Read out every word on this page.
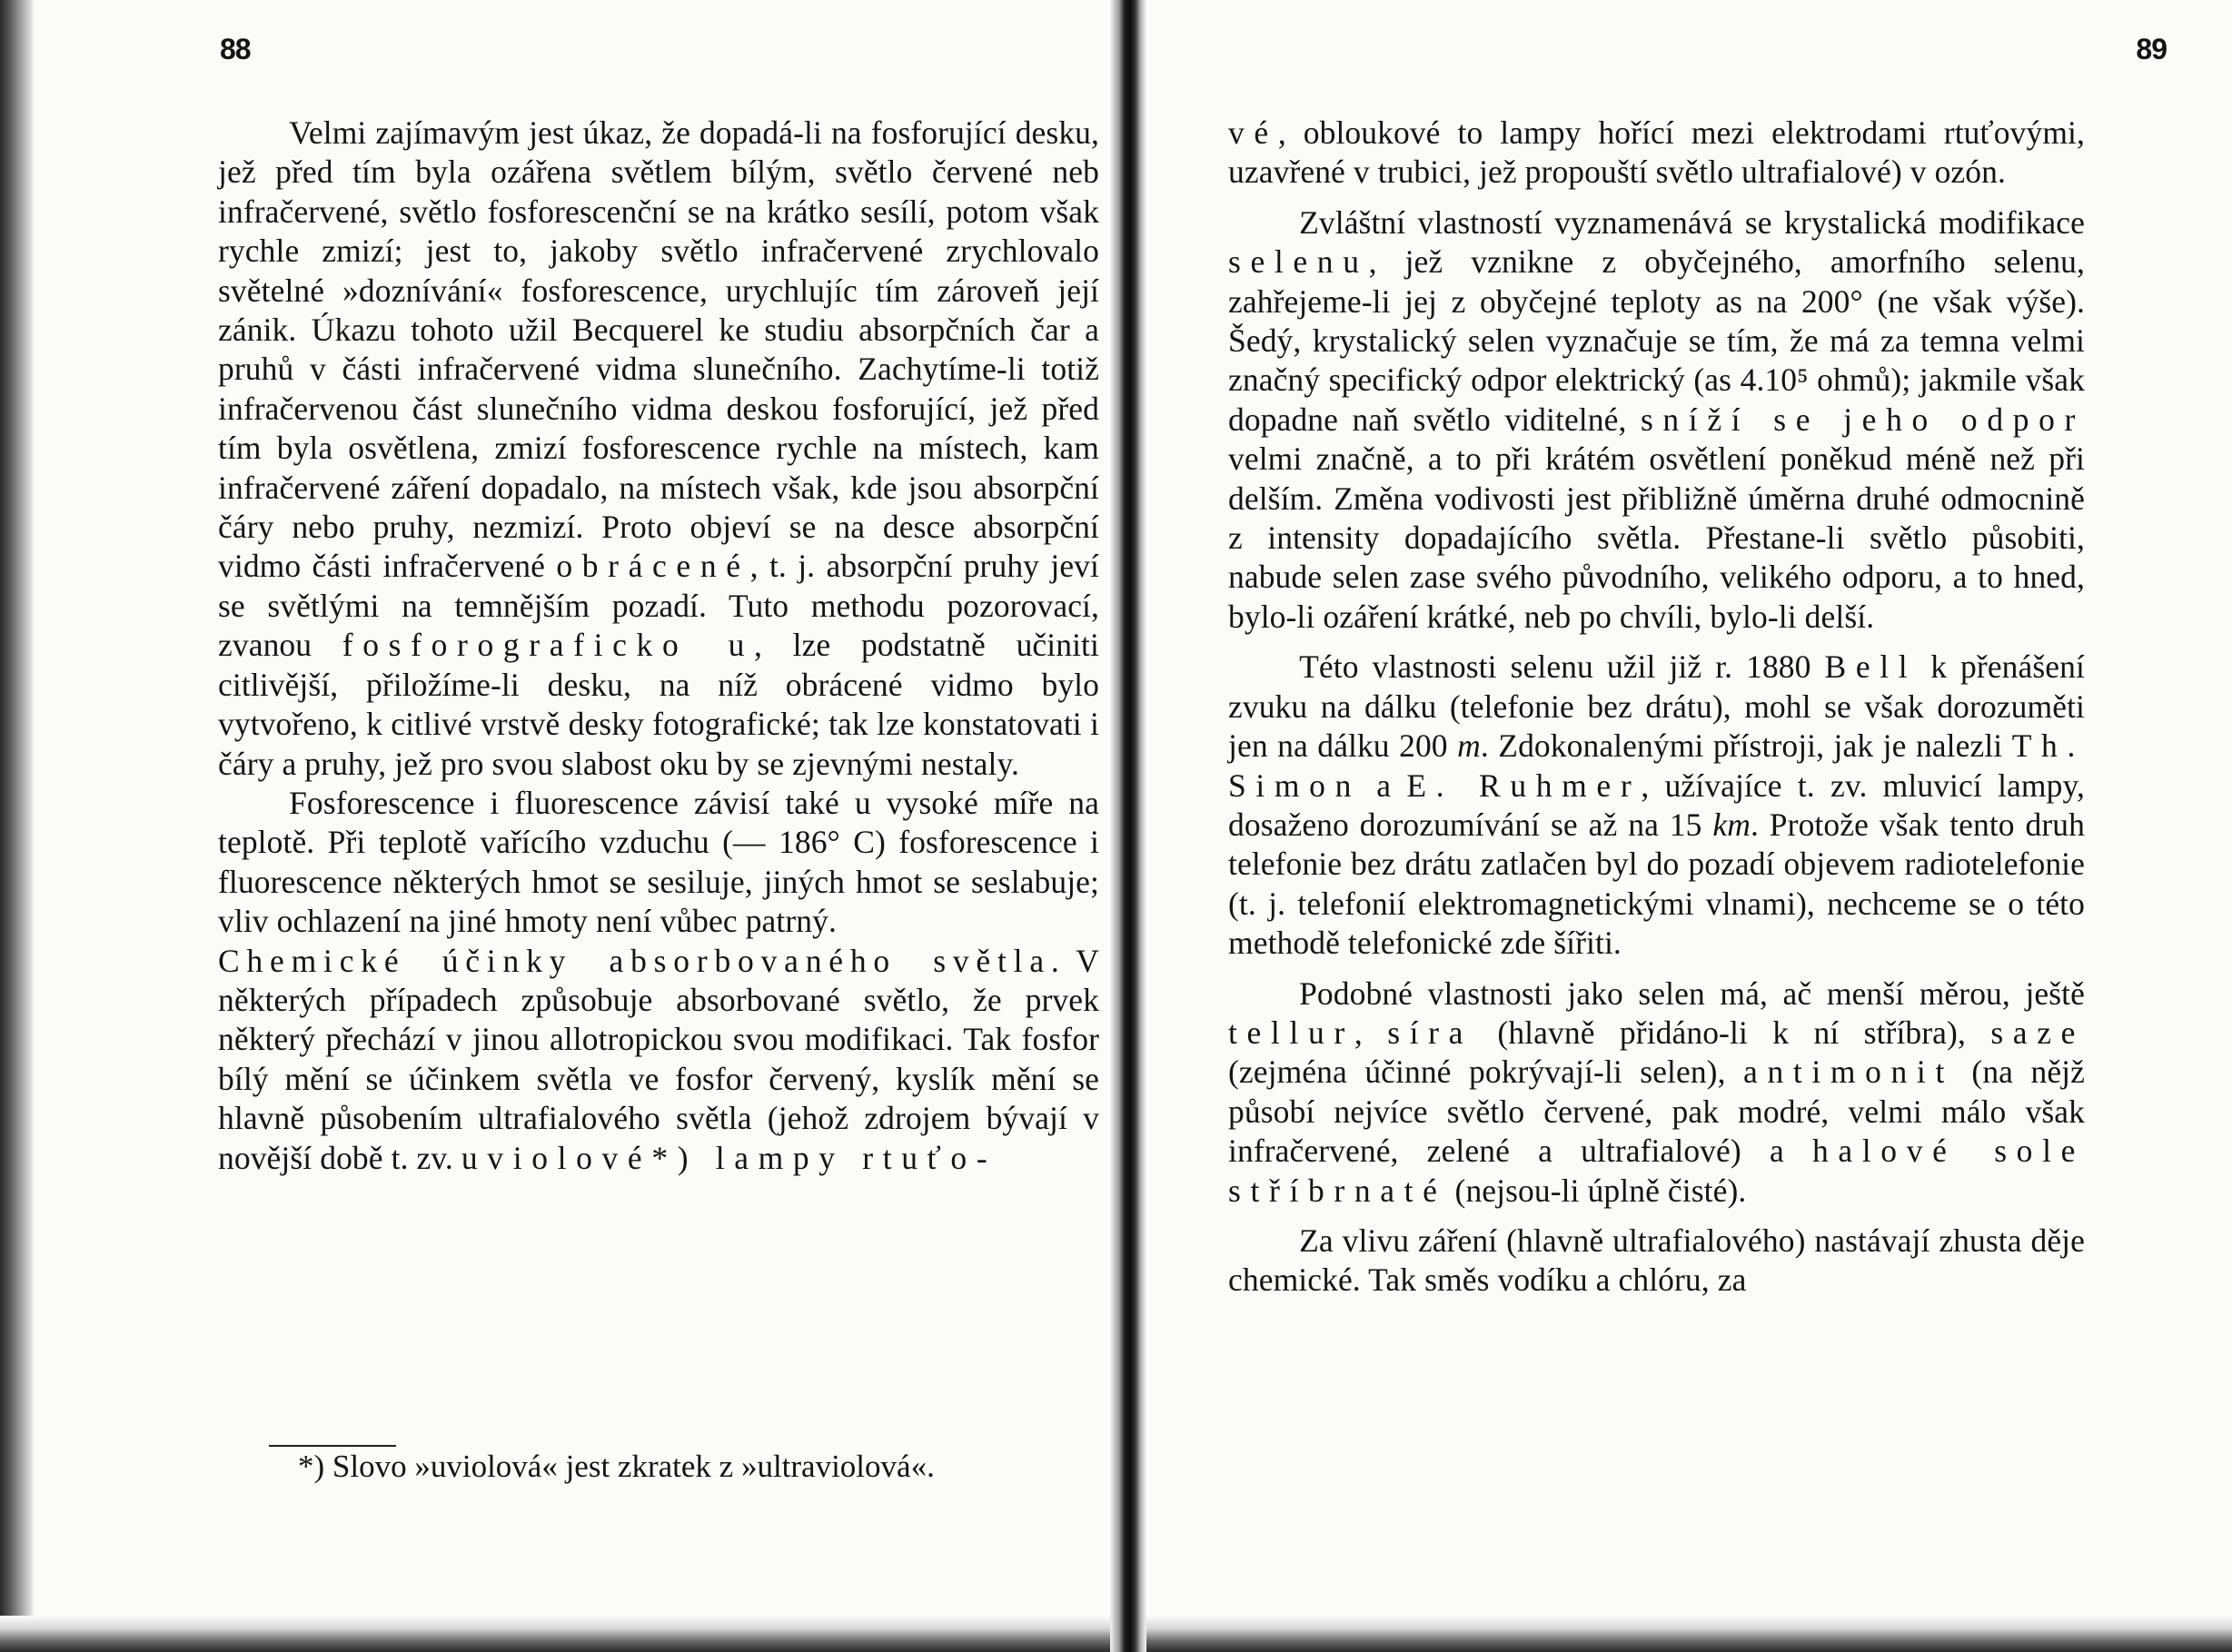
88

Velmi zajímavým jest úkaz, že dopadá-li na fosforující desku, jež před tím byla ozářena světlem bílým, světlo červené neb infračervené, světlo fosforescenční se na krátko sesílí, potom však rychle zmizí; jest to, jakoby světlo infračervené zrychlovalo světelné »doznívání« fosforescence, urychlujíc tím zároveň její zánik. Úkazu tohoto užil Becquerel ke studiu absorpčních čar a pruhů v části infračervené vidma slunečního. Zachytíme-li totiž infračervenou část slunečního vidma deskou fosforující, jež před tím byla osvětlena, zmizí fosforescence rychle na místech, kam infračervené záření dopadalo, na místech však, kde jsou absorpční čáry nebo pruhy, nezmizí. Proto objeví se na desce absorpční vidmo části infračervené obrácené, t. j. absorpční pruhy jeví se světlými na temnějším pozadí. Tuto methodu pozorovací, zvanou fosforograficko u, lze podstatně učiniti citlivější, přiložíme-li desku, na níž obrácené vidmo bylo vytvořeno, k citlivé vrstvě desky fotografické; tak lze konstatovati i čáry a pruhy, jež pro svou slabost oku by se zjevnými nestaly.

Fosforescence i fluorescence závisí také u vysoké míře na teplotě. Při teplotě vařícího vzduchu (— 186° C) fosforescence i fluorescence některých hmot se sesiluje, jiných hmot se seslabuje; vliv ochlazení na jiné hmoty není vůbec patrný.

Chemické účinky absorbovaného světla. V některých případech způsobuje absorbované světlo, že prvek některý přechází v jinou allotropickou svou modifikaci. Tak fosfor bílý mění se účinkem světla ve fosfor červený, kyslík mění se hlavně působením ultrafialového světla (jehož zdrojem bývají v novější době t. zv. uviolové*) lampy rtuťo-

*) Slovo »uviolová« jest zkratek z »ultraviolová«.

89

vé, obloukové to lampy hořící mezi elektrodami rtuťovými, uzavřené v trubici, jež propouští světlo ultrafialové) v ozón.

Zvláštní vlastností vyznamenává se krystalická modifikace selenu, jež vznikne z obyčejného, amorfního selenu, zahřejeme-li jej z obyčejné teploty as na 200° (ne však výše). Šedý, krystalický selen vyznačuje se tím, že má za temna velmi značný specifický odpor elektrický (as 4.10⁵ ohmů); jakmile však dopadne naň světlo viditelné, sníží se jeho odpor velmi značně, a to při krátém osvětlení poněkud méně než při delším. Změna vodivosti jest přibližně úměrna druhé odmocnině z intensity dopadajícího světla. Přestane-li světlo působiti, nabude selen zase svého původního, velikého odporu, a to hned, bylo-li ozáření krátké, neb po chvíli, bylo-li delší.

Této vlastnosti selenu užil již r. 1880 Bell k přenášení zvuku na dálku (telefonie bez drátu), mohl se však dorozuměti jen na dálku 200 m. Zdokonalenými přístroji, jak je nalezli Th. Simon a E. Ruhmer, užívajíce t. zv. mluvicí lampy, dosaženo dorozumívání se až na 15 km. Protože však tento druh telefonie bez drátu zatlačen byl do pozadí objevem radiotelefonie (t. j. telefonií elektromagnetickými vlnami), nechceme se o této methodě telefonické zde šířiti.

Podobné vlastnosti jako selen má, ač menší měrou, ještě tellur, síra (hlavně přidáno-li k ní stříbra), saze (zejména účinné pokrývají-li selen), antimonit (na nějž působí nejvíce světlo červené, pak modré, velmi málo však infračervené, zelené a ultrafialové) a halové sole stříbrnaté (nejsou-li úplně čisté).

Za vlivu záření (hlavně ultrafialového) nastávají zhusta děje chemické. Tak směs vodíku a chlóru, za
